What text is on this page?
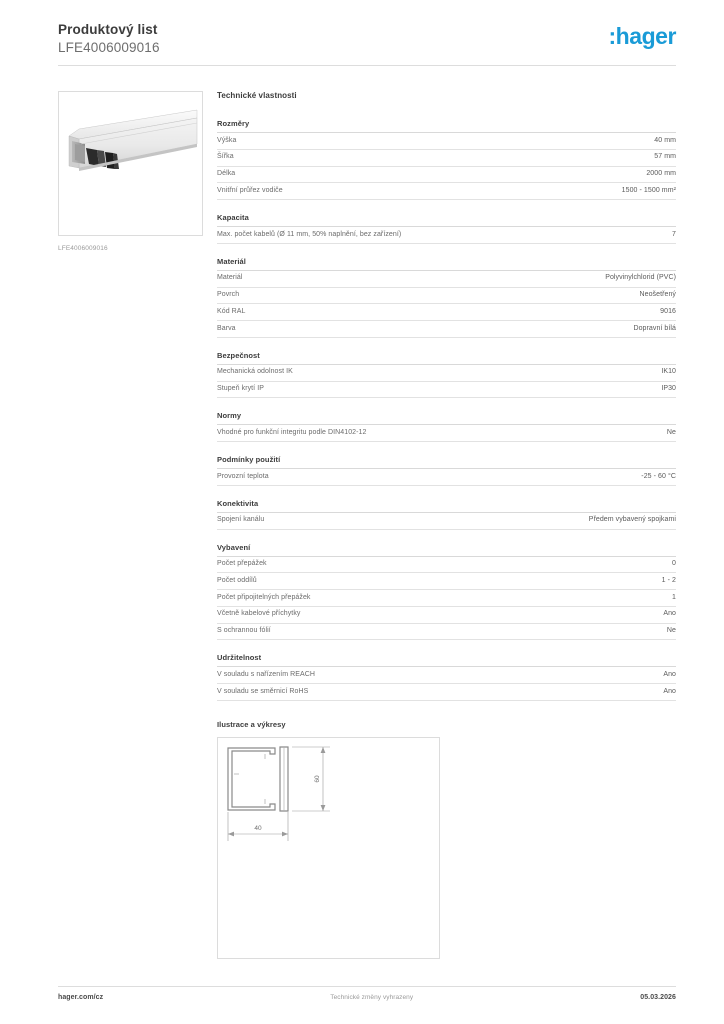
Produktový list
LFE4006009016	:hager
LFE4006009016
Technické vlastnosti
Rozměry
Výška	40 mm
Šířka	57 mm
Délka	2000 mm
Vnitřní průřez vodiče	1500 - 1500 mm²
Kapacita
Max. počet kabelů (Ø 11 mm, 50% naplnění, bez zařízení)	7
Materiál
Materiál	Polyvinylchlorid (PVC)
Povrch	Neošetřený
Kód RAL	9016
Barva	Dopravní bílá
Bezpečnost
Mechanická odolnost IK	IK10
Stupeň krytí IP	IP30
Normy
Vhodné pro funkční integritu podle DIN4102-12	Ne
Podmínky použití
Provozní teplota	-25 - 60 °C
Konektivita
Spojení kanálu	Předem vybavený spojkami
Vybavení
Počet přepážek	0
Počet oddílů	1 - 2
Počet připojitelných přepážek	1
Včetně kabelové příchytky	Ano
S ochrannou fólií	Ne
Udržitelnost
V souladu s nařízením REACH	Ano
V souladu se směrnicí RoHS	Ano
Ilustrace a výkresy
60
40
hager.com/cz	Technické změny vyhrazeny	05.03.2026
